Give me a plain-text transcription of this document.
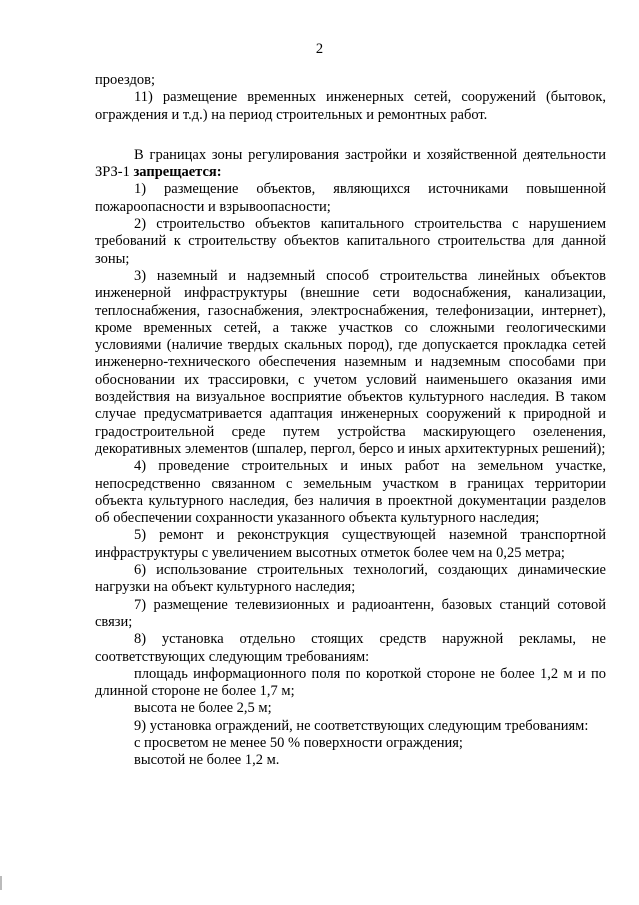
2

проездов;

11) размещение временных инженерных сетей, сооружений (бытовок, ограждения и т.д.) на период строительных и ремонтных работ.

В границах зоны регулирования застройки и хозяйственной деятельности ЗРЗ-1 запрещается:

1) размещение объектов, являющихся источниками повышенной пожароопасности и взрывоопасности;

2) строительство объектов капитального строительства с нарушением требований к строительству объектов капитального строительства для данной зоны;

3) наземный и надземный способ строительства линейных объектов инженерной инфраструктуры (внешние сети водоснабжения, канализации, теплоснабжения, газоснабжения, электроснабжения, телефонизации, интернет), кроме временных сетей, а также участков со сложными геологическими условиями (наличие твердых скальных пород), где допускается прокладка сетей инженерно-технического обеспечения наземным и надземным способами при обосновании их трассировки, с учетом условий наименьшего оказания ими воздействия на визуальное восприятие объектов культурного наследия. В таком случае предусматривается адаптация инженерных сооружений к природной и градостроительной среде путем устройства маскирующего озеленения, декоративных элементов (шпалер, пергол, берсо и иных архитектурных решений);

4) проведение строительных и иных работ на земельном участке, непосредственно связанном с земельным участком в границах территории объекта культурного наследия, без наличия в проектной документации разделов об обеспечении сохранности указанного объекта культурного наследия;

5) ремонт и реконструкция существующей наземной транспортной инфраструктуры с увеличением высотных отметок более чем на 0,25 метра;

6) использование строительных технологий, создающих динамические нагрузки на объект культурного наследия;

7) размещение телевизионных и радиоантенн, базовых станций сотовой связи;

8) установка отдельно стоящих средств наружной рекламы, не соответствующих следующим требованиям:

площадь информационного поля по короткой стороне не более 1,2 м и по длинной стороне не более 1,7 м;

высота не более 2,5 м;

9) установка ограждений, не соответствующих следующим требованиям:

с просветом не менее 50 % поверхности ограждения;

высотой не более 1,2 м.
